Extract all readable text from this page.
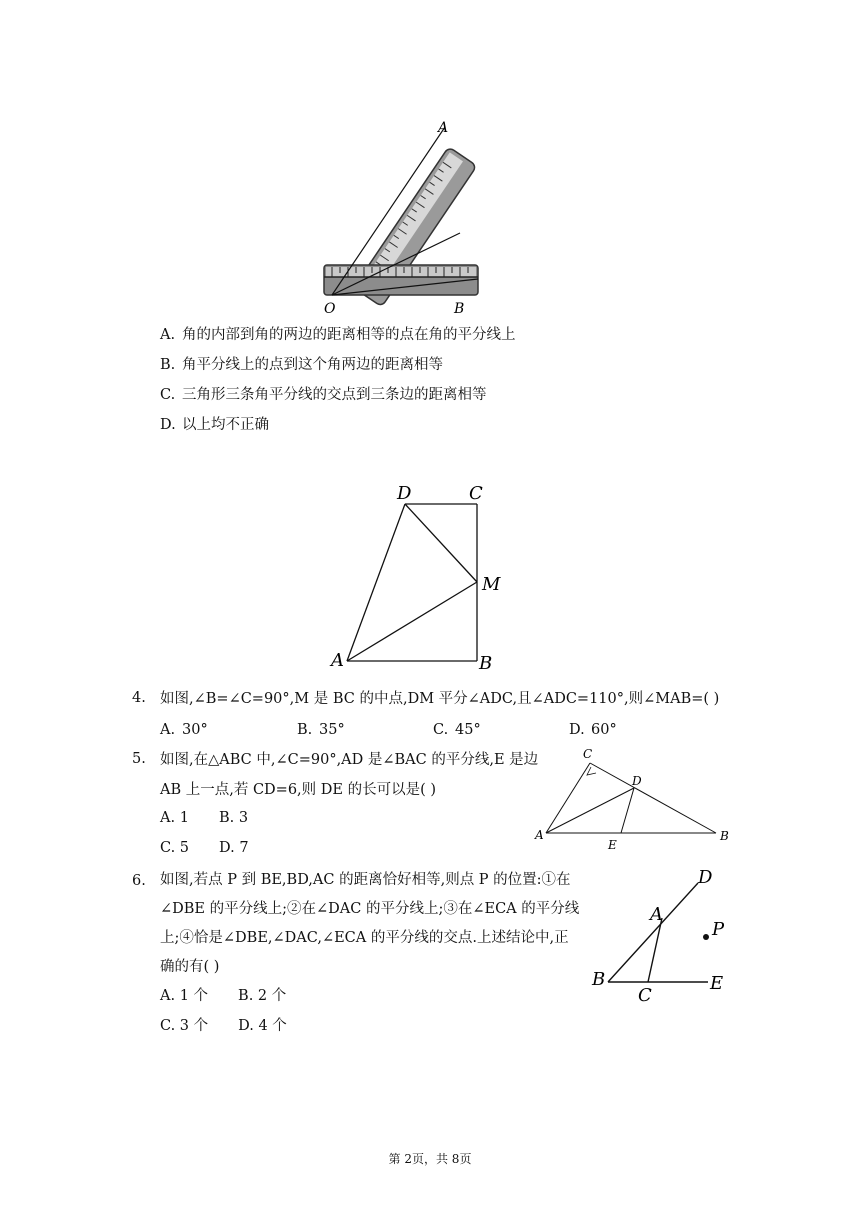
A
O	B
A. 角的内部到角的两边的距离相等的点在角的平分线上
B. 角平分线上的点到这个角两边的距离相等
C. 三角形三条角平分线的交点到三条边的距离相等
D. 以上均不正确
D	C
M
A	B
4. 如图,∠B=∠C=90°,M 是 BC 的中点,DM 平分∠ADC,且∠ADC=110°,则∠MAB=( )
A. 30°	B. 35°	C. 45°	D. 60°
5. 如图,在△ABC 中,∠C=90°,AD 是∠BAC 的平分线,E 是边
AB 上一点,若 CD=6,则 DE 的长可以是( )
A. 1 B. 3
C. 5 D. 7
C
D
A
E
B
6. 如图,若点 P 到 BE,BD,AC 的距离恰好相等,则点 P 的位置:①在
∠DBE 的平分线上;②在∠DAC 的平分线上;③在∠ECA 的平分线
上;④恰是∠DBE,∠DAC,∠ECA 的平分线的交点.上述结论中,正
确的有( )
A. 1 个 B. 2 个
C. 3 个 D. 4 个
D
A
P
B
C
E
第 2页，共 8页
